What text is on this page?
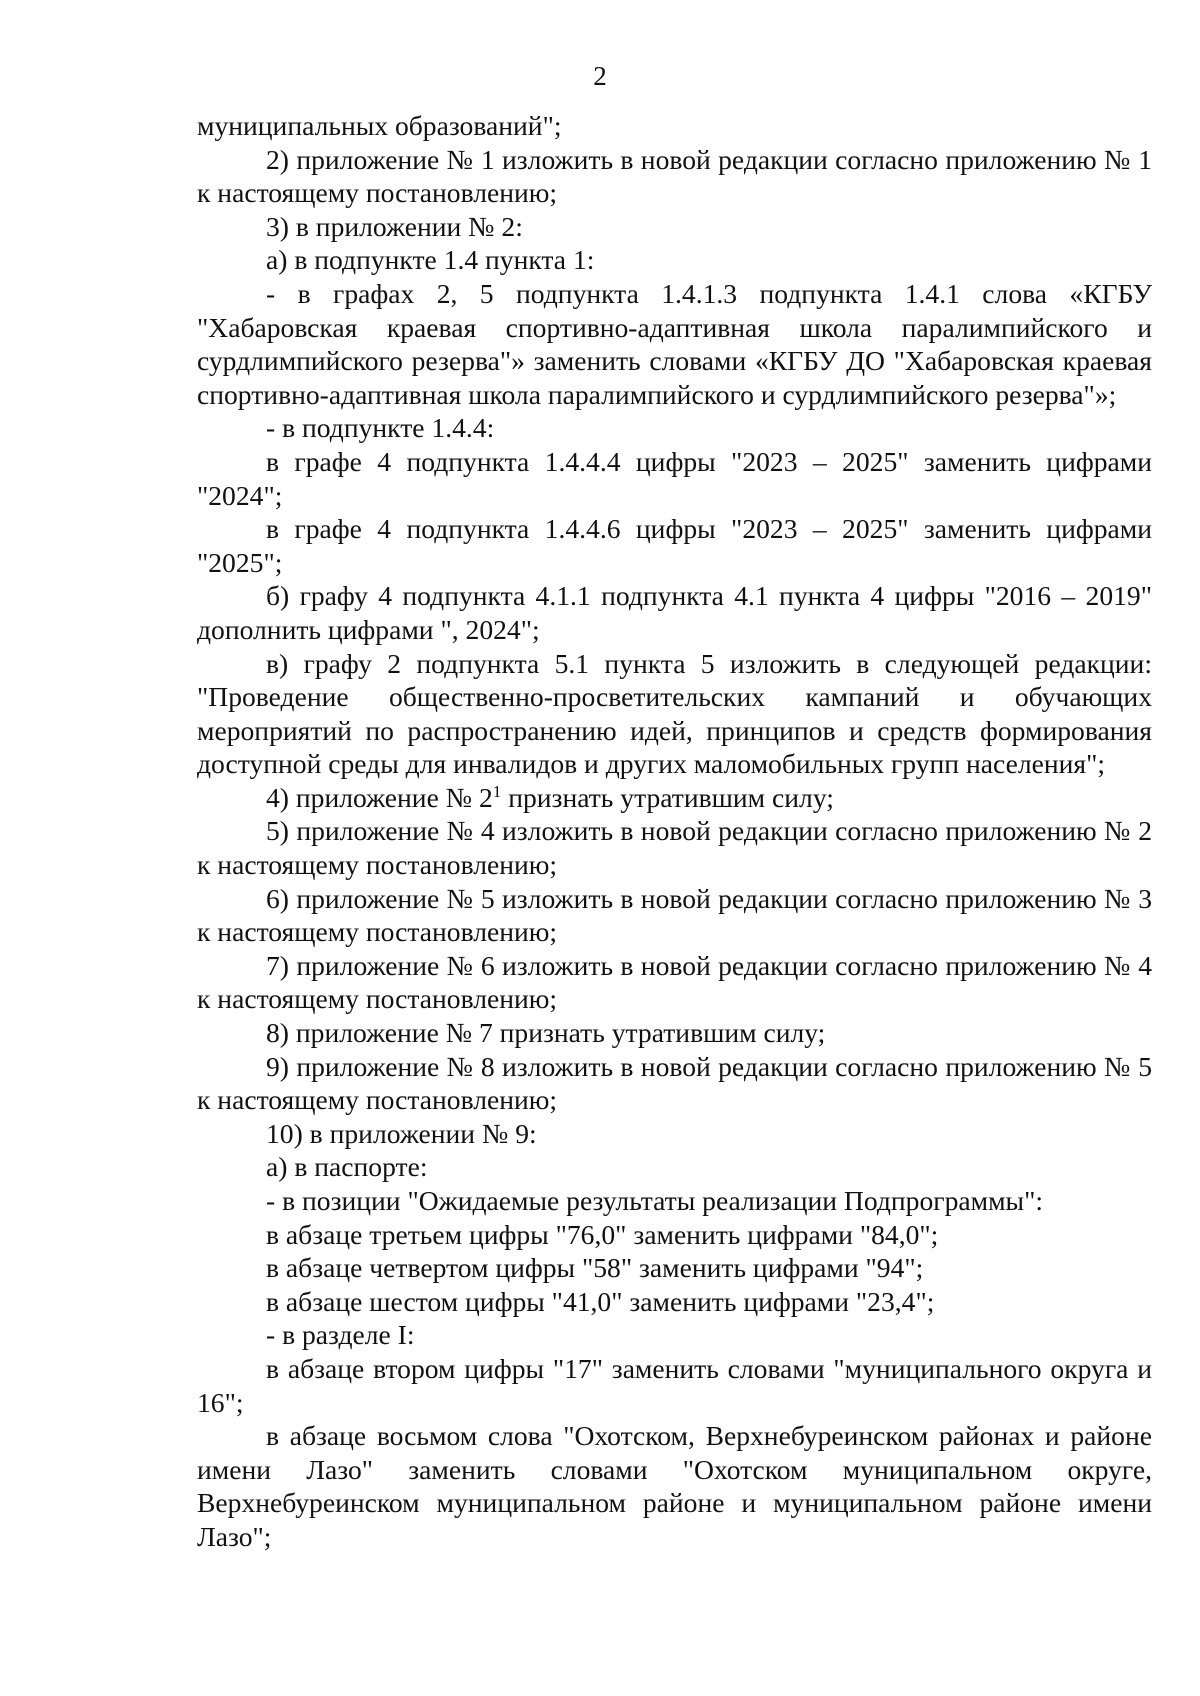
2

муниципальных образований";

2) приложение № 1 изложить в новой редакции согласно приложению № 1 к настоящему постановлению;

3) в приложении № 2:

а) в подпункте 1.4 пункта 1:

- в графах 2, 5 подпункта 1.4.1.3 подпункта 1.4.1 слова «КГБУ "Хабаровская краевая спортивно-адаптивная школа паралимпийского и сурдлимпийского резерва"» заменить словами «КГБУ ДО "Хабаровская краевая спортивно-адаптивная школа паралимпийского и сурдлимпийского резерва"»;

- в подпункте 1.4.4:

в графе 4 подпункта 1.4.4.4 цифры "2023 – 2025" заменить цифрами "2024";

в графе 4 подпункта 1.4.4.6 цифры "2023 – 2025" заменить цифрами "2025";

б) графу 4 подпункта 4.1.1 подпункта 4.1 пункта 4 цифры "2016 – 2019" дополнить цифрами ", 2024";

в) графу 2 подпункта 5.1 пункта 5 изложить в следующей редакции: "Проведение общественно-просветительских кампаний и обучающих мероприятий по распространению идей, принципов и средств формирования доступной среды для инвалидов и других маломобильных групп населения";

4) приложение № $2^1$ признать утратившим силу;

5) приложение № 4 изложить в новой редакции согласно приложению № 2 к настоящему постановлению;

6) приложение № 5 изложить в новой редакции согласно приложению № 3 к настоящему постановлению;

7) приложение № 6 изложить в новой редакции согласно приложению № 4 к настоящему постановлению;

8) приложение № 7 признать утратившим силу;

9) приложение № 8 изложить в новой редакции согласно приложению № 5 к настоящему постановлению;

10) в приложении № 9:

а) в паспорте:

- в позиции "Ожидаемые результаты реализации Подпрограммы":

в абзаце третьем цифры "76,0" заменить цифрами "84,0";

в абзаце четвертом цифры "58" заменить цифрами "94";

в абзаце шестом цифры "41,0" заменить цифрами "23,4";

- в разделе I:

в абзаце втором цифры "17" заменить словами "муниципального округа и 16";

в абзаце восьмом слова "Охотском, Верхнебуреинском районах и районе имени Лазо" заменить словами "Охотском муниципальном округе, Верхнебуреинском муниципальном районе и муниципальном районе имени Лазо";
